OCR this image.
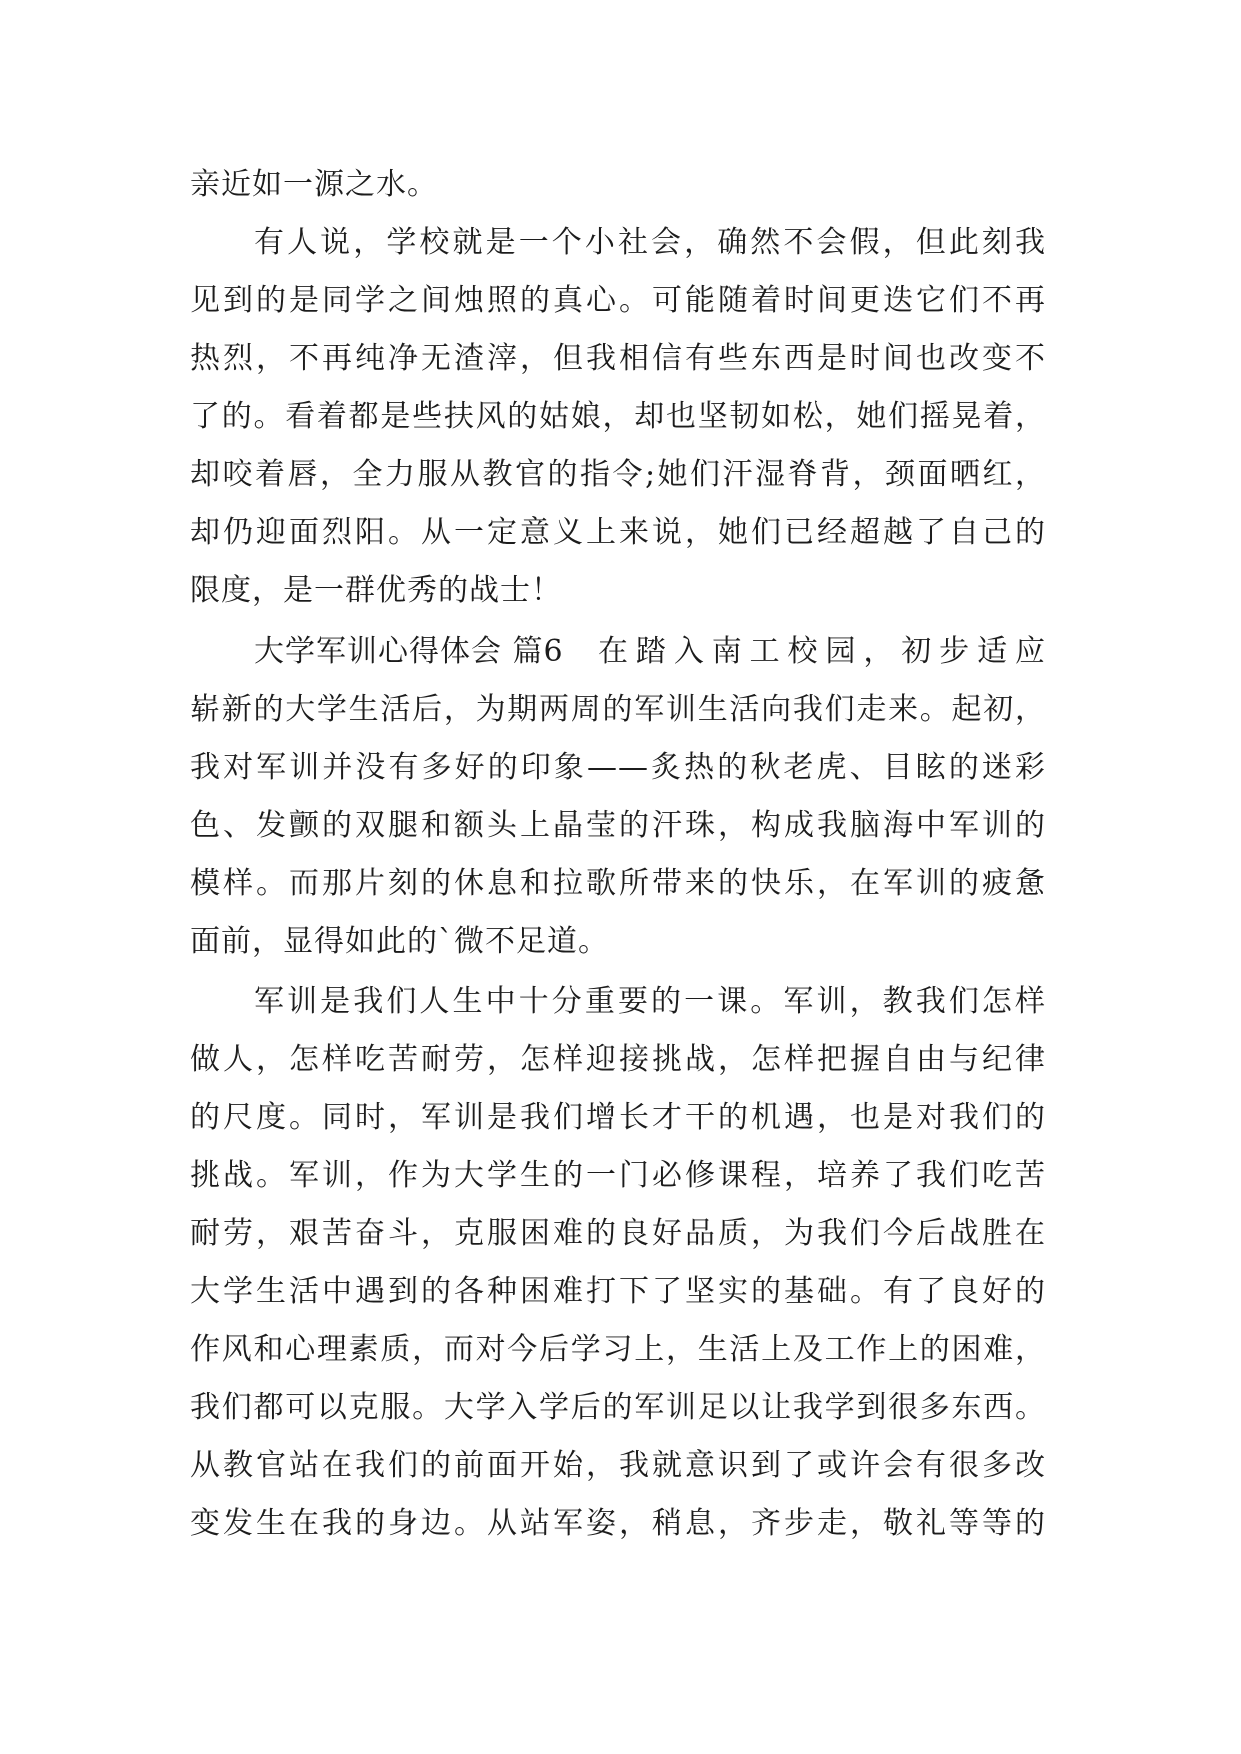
亲近如一源之水。
有人说，学校就是一个小社会，确然不会假，但此刻我
见到的是同学之间烛照的真心。可能随着时间更迭它们不再
热烈，不再纯净无渣滓，但我相信有些东西是时间也改变不
了的。看着都是些扶风的姑娘，却也坚韧如松，她们摇晃着，
却咬着唇，全力服从教官的指令;她们汗湿脊背，颈面晒红，
却仍迎面烈阳。从一定意义上来说，她们已经超越了自己的
限度，是一群优秀的战士！
大学军训心得体会 篇6 在踏入南工校园，初步适应
崭新的大学生活后，为期两周的军训生活向我们走来。起初，
我对军训并没有多好的印象——炙热的秋老虎、目眩的迷彩
色、发颤的双腿和额头上晶莹的汗珠，构成我脑海中军训的
模样。而那片刻的休息和拉歌所带来的快乐，在军训的疲惫
面前，显得如此的`微不足道。
军训是我们人生中十分重要的一课。军训，教我们怎样
做人，怎样吃苦耐劳，怎样迎接挑战，怎样把握自由与纪律
的尺度。同时，军训是我们增长才干的机遇，也是对我们的
挑战。军训，作为大学生的一门必修课程，培养了我们吃苦
耐劳，艰苦奋斗，克服困难的良好品质，为我们今后战胜在
大学生活中遇到的各种困难打下了坚实的基础。有了良好的
作风和心理素质，而对今后学习上，生活上及工作上的困难，
我们都可以克服。大学入学后的军训足以让我学到很多东西。
从教官站在我们的前面开始，我就意识到了或许会有很多改
变发生在我的身边。从站军姿，稍息，齐步走，敬礼等等的
